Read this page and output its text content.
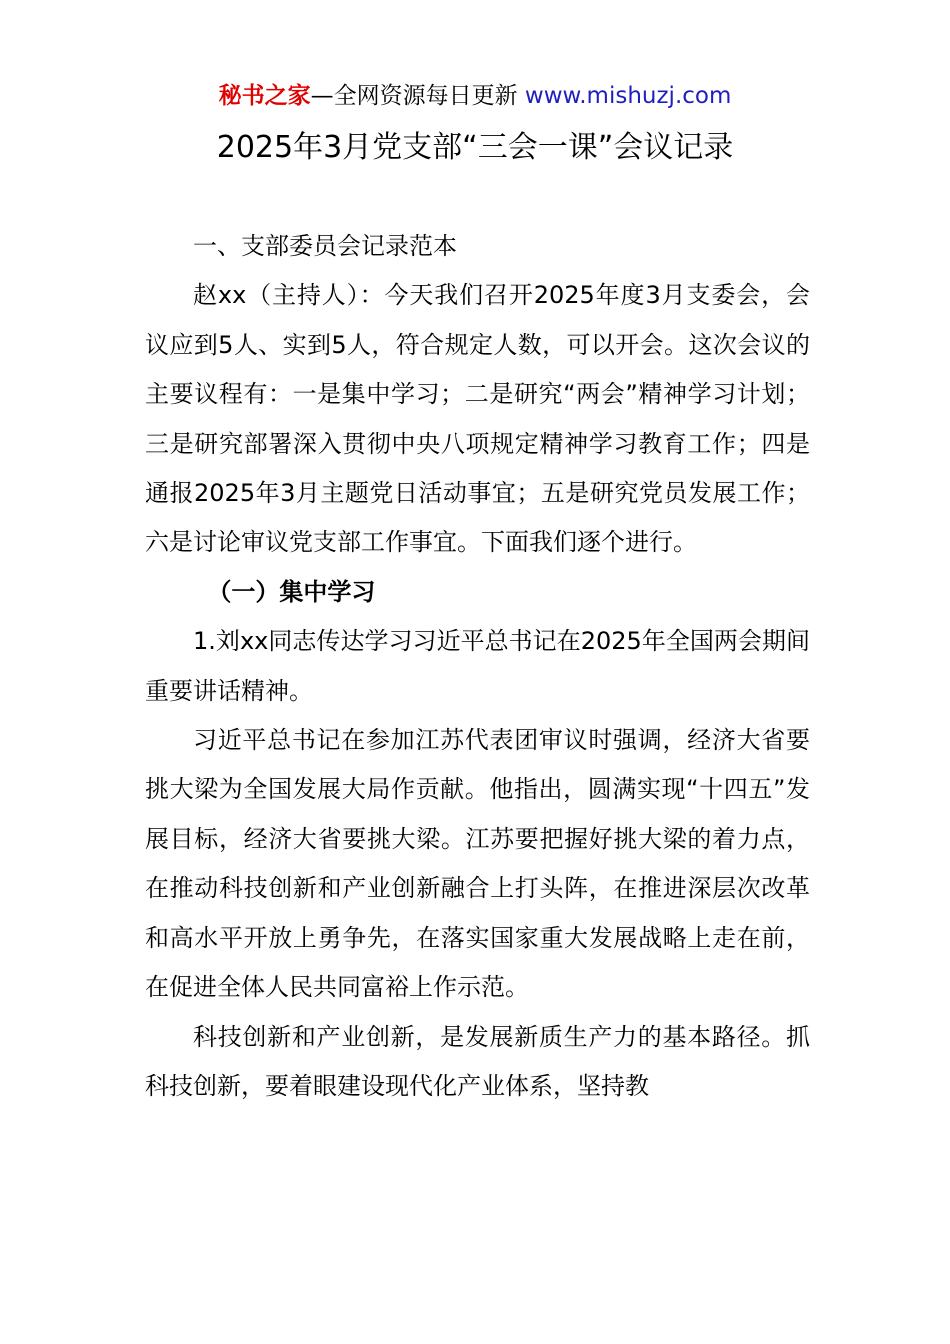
秘书之家—全网资源每日更新 www.mishuzj.com
2025年3月党支部“三会一课”会议记录

一、支部委员会记录范本

赵xx（主持人）：今天我们召开2025年度3月支委会，会议应到5人、实到5人，符合规定人数，可以开会。这次会议的主要议程有：一是集中学习；二是研究“两会”精神学习计划；三是研究部署深入贯彻中央八项规定精神学习教育工作；四是通报2025年3月主题党日活动事宜；五是研究党员发展工作；六是讨论审议党支部工作事宜。下面我们逐个进行。

（一）集中学习

1.刘xx同志传达学习习近平总书记在2025年全国两会期间重要讲话精神。

习近平总书记在参加江苏代表团审议时强调，经济大省要挑大梁为全国发展大局作贡献。他指出，圆满实现“十四五”发展目标，经济大省要挑大梁。江苏要把握好挑大梁的着力点，在推动科技创新和产业创新融合上打头阵，在推进深层次改革和高水平开放上勇争先，在落实国家重大发展战略上走在前，在促进全体人民共同富裕上作示范。

科技创新和产业创新，是发展新质生产力的基本路径。抓科技创新，要着眼建设现代化产业体系，坚持教
